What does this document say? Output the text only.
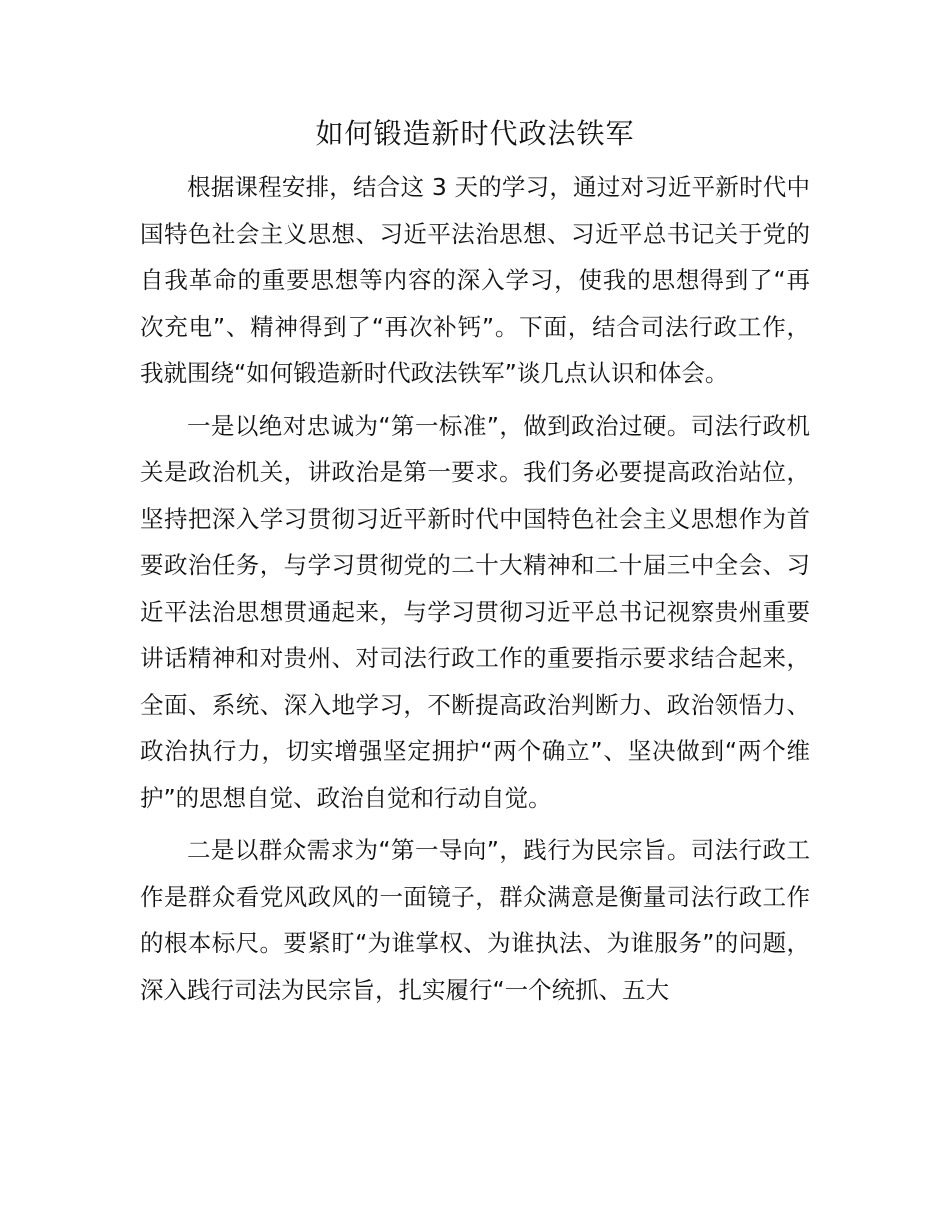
如何锻造新时代政法铁军

根据课程安排，结合这 3 天的学习，通过对习近平新时代中国特色社会主义思想、习近平法治思想、习近平总书记关于党的自我革命的重要思想等内容的深入学习，使我的思想得到了“再次充电”、精神得到了“再次补钙”。下面，结合司法行政工作，我就围绕“如何锻造新时代政法铁军”谈几点认识和体会。

一是以绝对忠诚为“第一标准”，做到政治过硬。司法行政机关是政治机关，讲政治是第一要求。我们务必要提高政治站位，坚持把深入学习贯彻习近平新时代中国特色社会主义思想作为首要政治任务，与学习贯彻党的二十大精神和二十届三中全会、习近平法治思想贯通起来，与学习贯彻习近平总书记视察贵州重要讲话精神和对贵州、对司法行政工作的重要指示要求结合起来，全面、系统、深入地学习，不断提高政治判断力、政治领悟力、政治执行力，切实增强坚定拥护“两个确立”、坚决做到“两个维护”的思想自觉、政治自觉和行动自觉。

二是以群众需求为“第一导向”，践行为民宗旨。司法行政工作是群众看党风政风的一面镜子，群众满意是衡量司法行政工作的根本标尺。要紧盯“为谁掌权、为谁执法、为谁服务”的问题，深入践行司法为民宗旨，扎实履行“一个统抓、五大
